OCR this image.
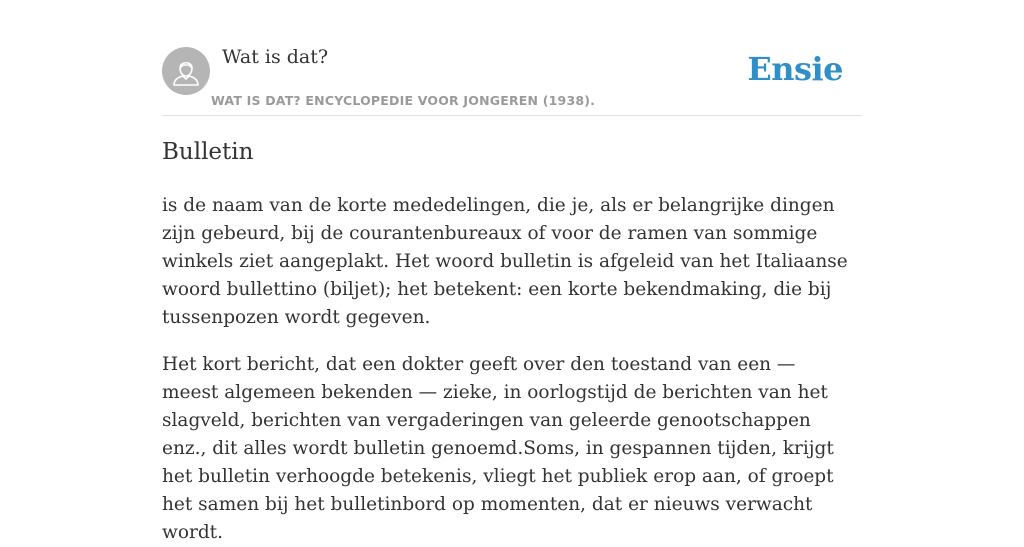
Wat is dat?
WAT IS DAT? ENCYCLOPEDIE VOOR JONGEREN (1938).
Ensie
Bulletin

is de naam van de korte mededelingen, die je, als er belangrijke dingen zijn gebeurd, bij de courantenbureaux of voor de ramen van sommige winkels ziet aangeplakt. Het woord bulletin is afgeleid van het Italiaanse woord bullettino (biljet); het betekent: een korte bekendmaking, die bij tussenpozen wordt gegeven.

Het kort bericht, dat een dokter geeft over den toestand van een — meest algemeen bekenden — zieke, in oorlogstijd de berichten van het slagveld, berichten van vergaderingen van geleerde genootschappen enz., dit alles wordt bulletin genoemd.Soms, in gespannen tijden, krijgt het bulletin verhoogde betekenis, vliegt het publiek erop aan, of groept het samen bij het bulletinbord op momenten, dat er nieuws verwacht wordt.
